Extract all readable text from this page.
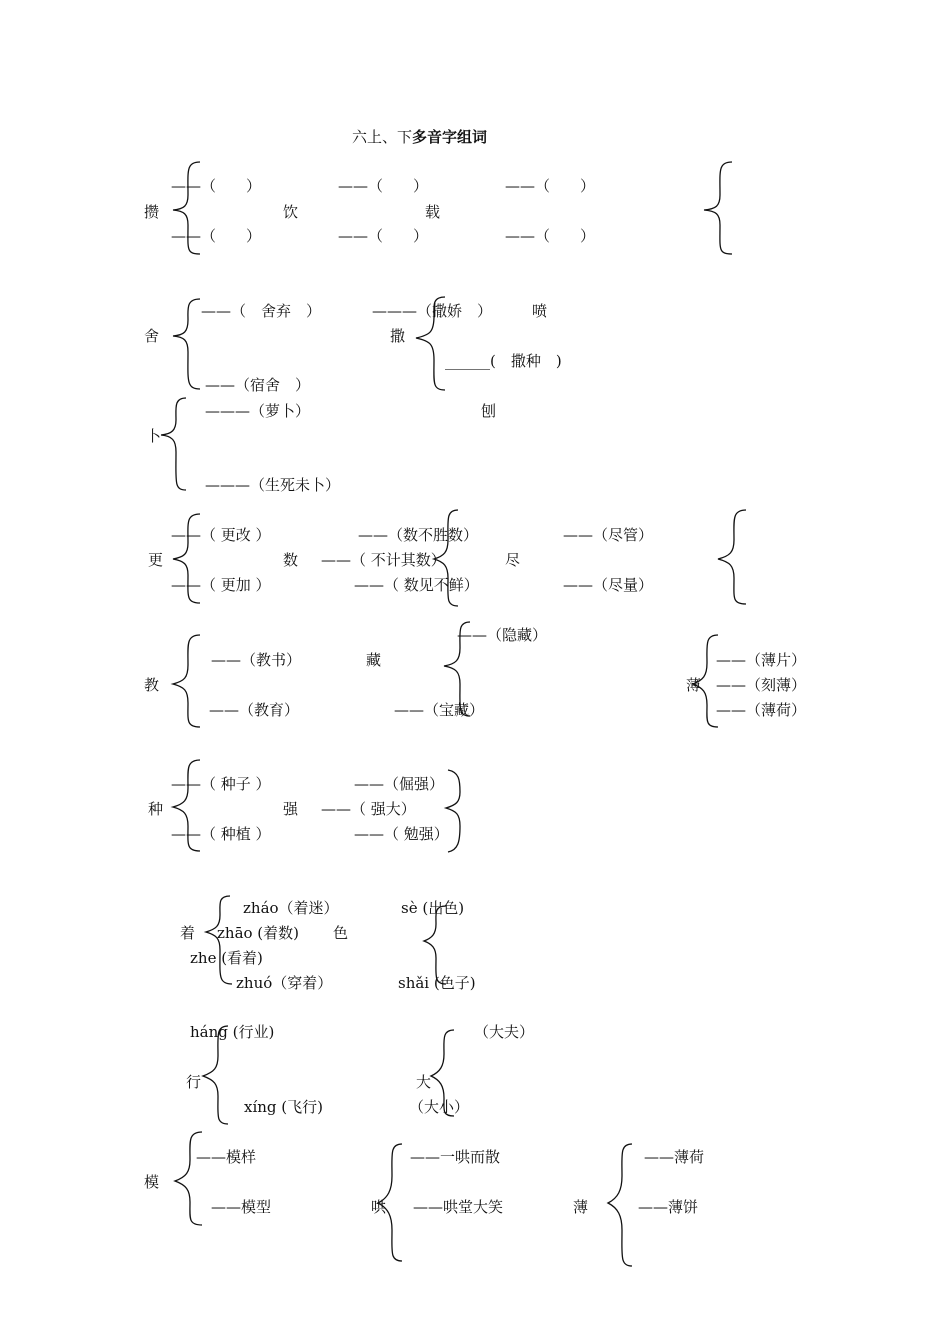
六上、下多音字组词
攒
——（　　）
——（　　）
饮
——（　　）
——（　　）
载
——（　　）
——（　　）
舍
——（　舍弃　）
——（宿舍　）
撒
———（撒娇　）
______(　撒种　)
喷
卜
———（萝卜）
———（生死未卜）
刨
更
——（ 更改 ）
——（ 更加 ）
数
——（数不胜数）
——（ 不计其数）
——（ 数见不鲜）
尽
——（尽管）
——（尽量）
教
——（教书）
——（教育）
藏
——（隐藏）
——（宝藏）
薄
——（薄片）
——（刻薄）
——（薄荷）
种
——（ 种子 ）
——（ 种植 ）
强
——（倔强）
——（ 强大）
——（ 勉强）
着
zháo（着迷）
zhāo (着数)
zhe (看着)
zhuó（穿着）
色
sè (出色)
shǎi (色子)
行
háng (行业)
xíng (飞行)
大
（大夫）
（大小）
模
——模样
——模型	哄
——一哄而散
——哄堂大笑	薄
——薄荷
——薄饼
